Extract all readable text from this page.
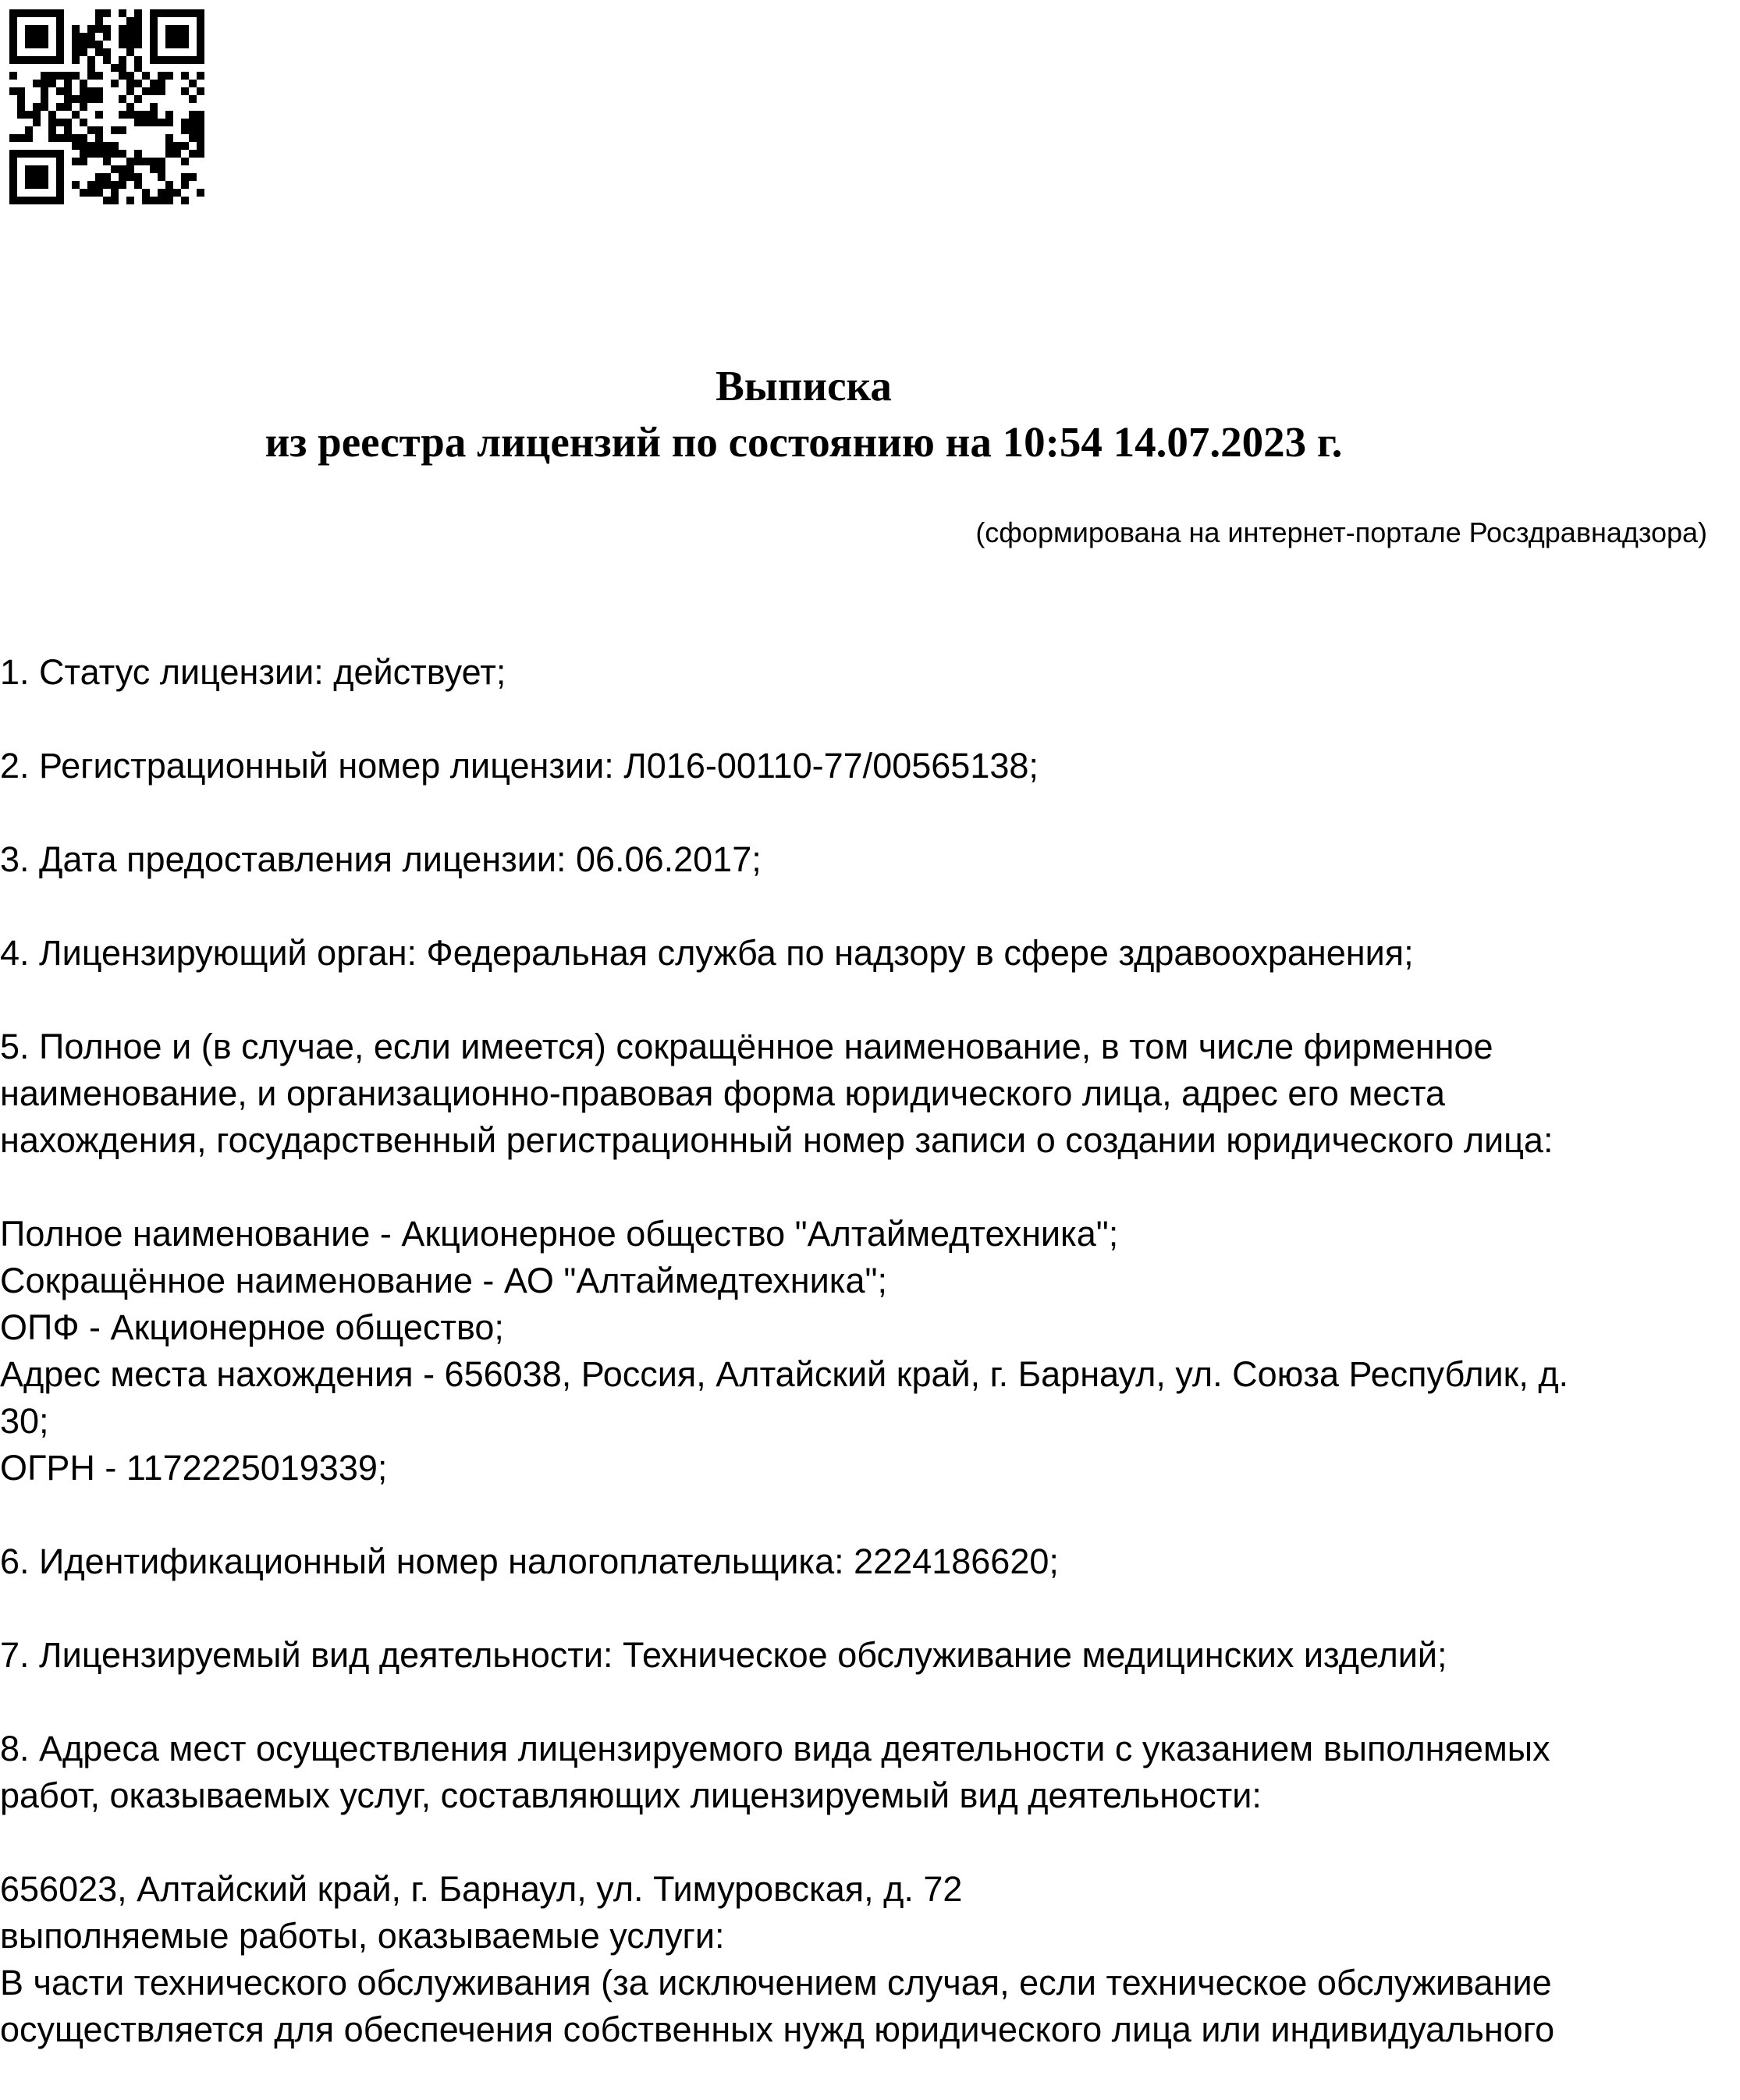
Выписка
из реестра лицензий по состоянию на 10:54 14.07.2023 г.
(сформирована на интернет-портале Росздравнадзора)
1. Статус лицензии: действует;
2. Регистрационный номер лицензии: Л016-00110-77/00565138;
3. Дата предоставления лицензии: 06.06.2017;
4. Лицензирующий орган: Федеральная служба по надзору в сфере здравоохранения;
5. Полное и (в случае, если имеется) сокращённое наименование, в том числе фирменное
наименование, и организационно-правовая форма юридического лица, адрес его места
нахождения, государственный регистрационный номер записи о создании юридического лица:
Полное наименование - Акционерное общество "Алтаймедтехника";
Сокращённое наименование - АО "Алтаймедтехника";
ОПФ - Акционерное общество;
Адрес места нахождения - 656038, Россия, Алтайский край, г. Барнаул, ул. Союза Республик, д.
30;
ОГРН - 1172225019339;
6. Идентификационный номер налогоплательщика: 2224186620;
7. Лицензируемый вид деятельности: Техническое обслуживание медицинских изделий;
8. Адреса мест осуществления лицензируемого вида деятельности с указанием выполняемых
работ, оказываемых услуг, составляющих лицензируемый вид деятельности:
656023, Алтайский край, г. Барнаул, ул. Тимуровская, д. 72
выполняемые работы, оказываемые услуги:
В части технического обслуживания (за исключением случая, если техническое обслуживание
осуществляется для обеспечения собственных нужд юридического лица или индивидуального
